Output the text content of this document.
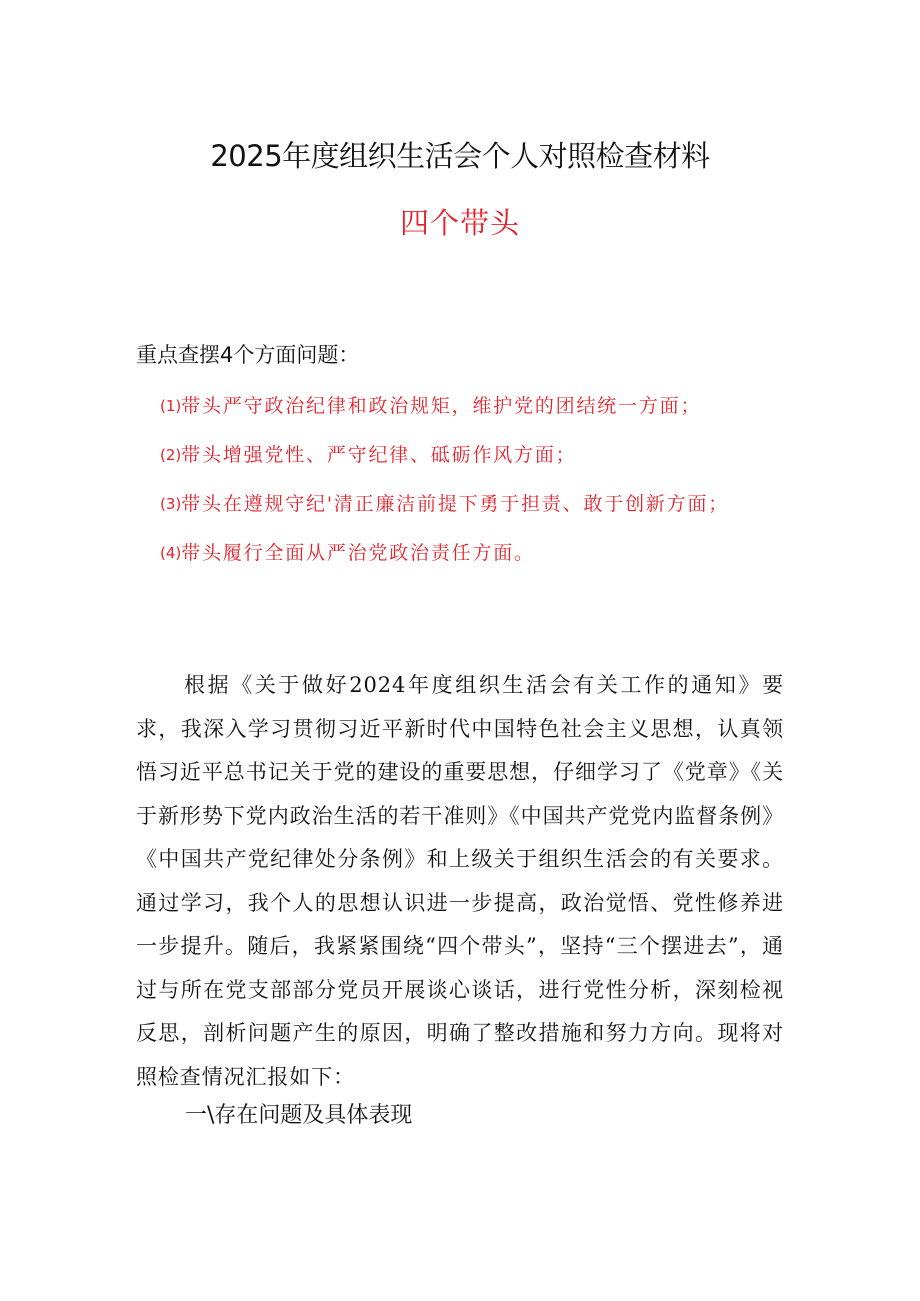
2025年度组织生活会个人对照检查材料
四个带头
重点查摆4个方面问题：
(1)带头严守政治纪律和政治规矩，维护党的团结统一方面；
(2)带头增强党性、严守纪律、砥砺作风方面；
(3)带头在遵规守纪'清正廉洁前提下勇于担责、敢于创新方面；
(4)带头履行全面从严治党政治责任方面。

根据《关于做好2024年度组织生活会有关工作的通知》要求，我深入学习贯彻习近平新时代中国特色社会主义思想，认真领悟习近平总书记关于党的建设的重要思想，仔细学习了《党章》《关于新形势下党内政治生活的若干准则》《中国共产党党内监督条例》《中国共产党纪律处分条例》和上级关于组织生活会的有关要求。通过学习，我个人的思想认识进一步提高，政治觉悟、党性修养进一步提升。随后，我紧紧围绕“四个带头”，坚持“三个摆进去”，通过与所在党支部部分党员开展谈心谈话，进行党性分析，深刻检视反思，剖析问题产生的原因，明确了整改措施和努力方向。现将对照检查情况汇报如下：

一\存在问题及具体表现
